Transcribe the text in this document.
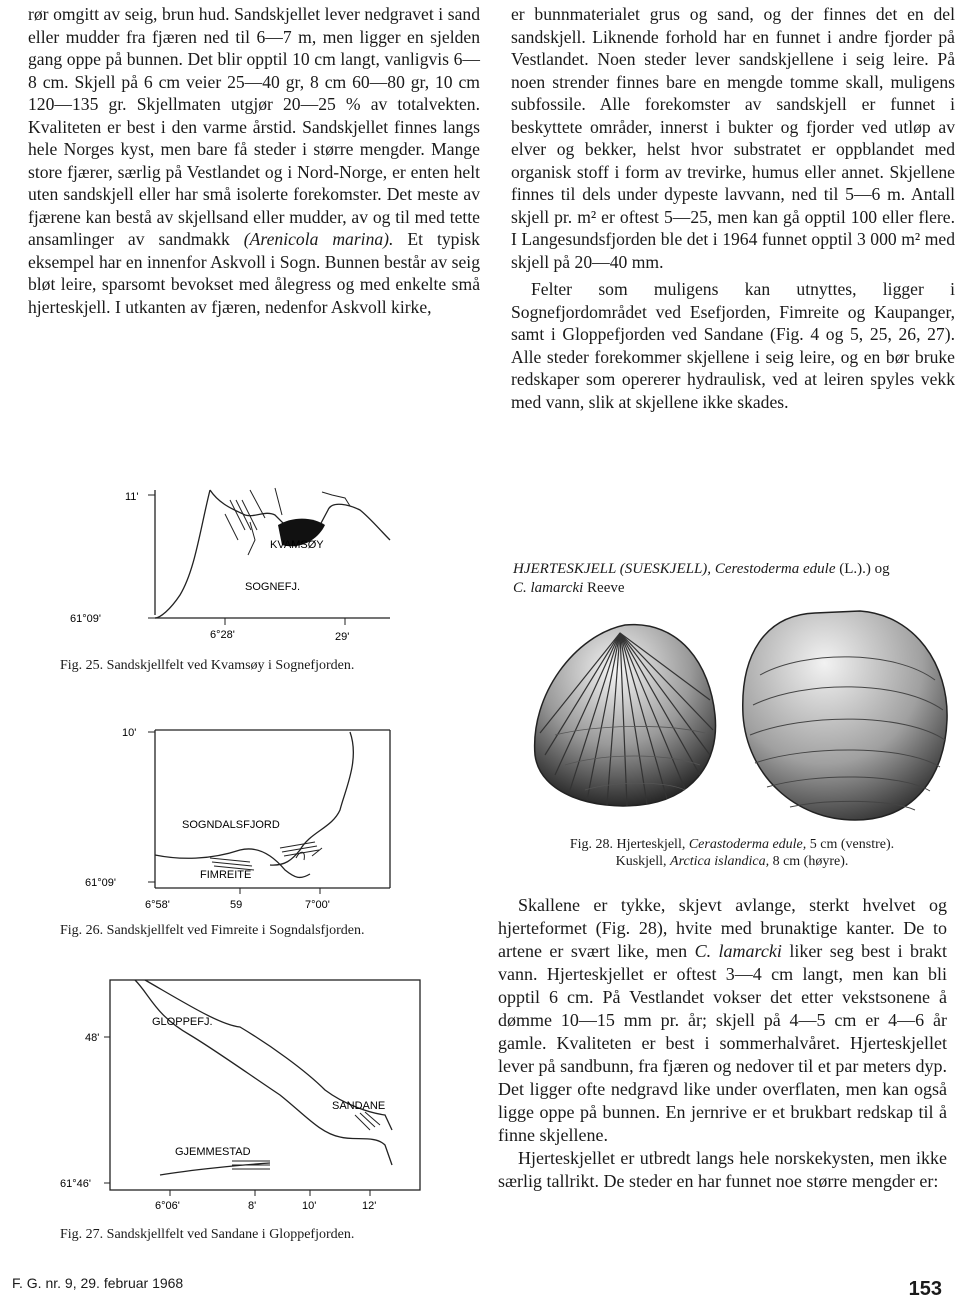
rør omgitt av seig, brun hud. Sandskjellet lever nedgravet i sand eller mudder fra fjæren ned til 6—7 m, men ligger en sjelden gang oppe på bunnen. Det blir opptil 10 cm langt, vanligvis 6—8 cm. Skjell på 6 cm veier 25—40 gr, 8 cm 60—80 gr, 10 cm 120—135 gr. Skjellmaten utgjør 20—25 % av totalvekten. Kvaliteten er best i den varme årstid. Sandskjellet finnes langs hele Norges kyst, men bare få steder i større mengder. Mange store fjærer, særlig på Vestlandet og i Nord-Norge, er enten helt uten sandskjell eller har små isolerte forekomster. Det meste av fjærene kan bestå av skjellsand eller mudder, av og til med tette ansamlinger av sandmakk (Arenicola marina). Et typisk eksempel har en innenfor Askvoll i Sogn. Bunnen består av seig bløt leire, sparsomt bevokset med ålegress og med enkelte små hjerteskjell. I utkanten av fjæren, nedenfor Askvoll kirke,

er bunnmaterialet grus og sand, og der finnes det en del sandskjell. Liknende forhold har en funnet i andre fjorder på Vestlandet. Noen steder lever sandskjellene i seig leire. På noen strender finnes bare en mengde tomme skall, muligens subfossile. Alle forekomster av sandskjell er funnet i beskyttete områder, innerst i bukter og fjorder ved utløp av elver og bekker, helst hvor substratet er oppblandet med organisk stoff i form av trevirke, humus eller annet. Skjellene finnes til dels under dypeste lavvann, ned til 5—6 m. Antall skjell pr. m² er oftest 5—25, men kan gå opptil 100 eller flere. I Langesundsfjorden ble det i 1964 funnet opptil 3 000 m² med skjell på 20—40 mm.

Felter som muligens kan utnyttes, ligger i Sognefjordområdet ved Esefjorden, Fimreite og Kaupanger, samt i Gloppefjorden ved Sandane (Fig. 4 og 5, 25, 26, 27). Alle steder forekommer skjellene i seig leire, og en bør bruke redskaper som opererer hydraulisk, ved at leiren spyles vekk med vann, slik at skjellene ikke skades.

KVAMSØY
SOGNEFJ.
11'
61°09'
6°28'	29'
Fig. 25. Sandskjellfelt ved Kvamsøy i Sognefjorden.
SOGNDALSFJORD
FIMREITE
10'
61°09'
6°58'	59	7°00'
Fig. 26. Sandskjellfelt ved Fimreite i Sogndalsfjorden.
GLOPPEFJ.
SANDANE
GJEMMESTAD
48'
61°46'
6°06'	8'	10'	12'
Fig. 27. Sandskjellfelt ved Sandane i Gloppefjorden.
HJERTESKJELL (SUESKJELL), Cerestoderma edule (L.).) og
C. lamarcki Reeve
Fig. 28. Hjerteskjell, Cerastoderma edule, 5 cm (venstre).
Kuskjell, Arctica islandica, 8 cm (høyre).

Skallene er tykke, skjevt avlange, sterkt hvelvet og hjerteformet (Fig. 28), hvite med brunaktige kanter. De to artene er svært like, men C. lamarcki liker seg best i brakt vann. Hjerteskjellet er oftest 3—4 cm langt, men kan bli opptil 6 cm. På Vestlandet vokser det etter vekstsonene å dømme 10—15 mm pr. år; skjell på 4—5 cm er 4—6 år gamle. Kvaliteten er best i sommerhalvåret. Hjerteskjellet lever på sandbunn, fra fjæren og nedover til et par meters dyp. Det ligger ofte nedgravd like under overflaten, men kan også ligge oppe på bunnen. En jernrive er et brukbart redskap til å finne skjellene.

Hjerteskjellet er utbredt langs hele norskekysten, men ikke særlig tallrikt. De steder en har funnet noe større mengder er:

F. G. nr. 9, 29. februar 1968	153
